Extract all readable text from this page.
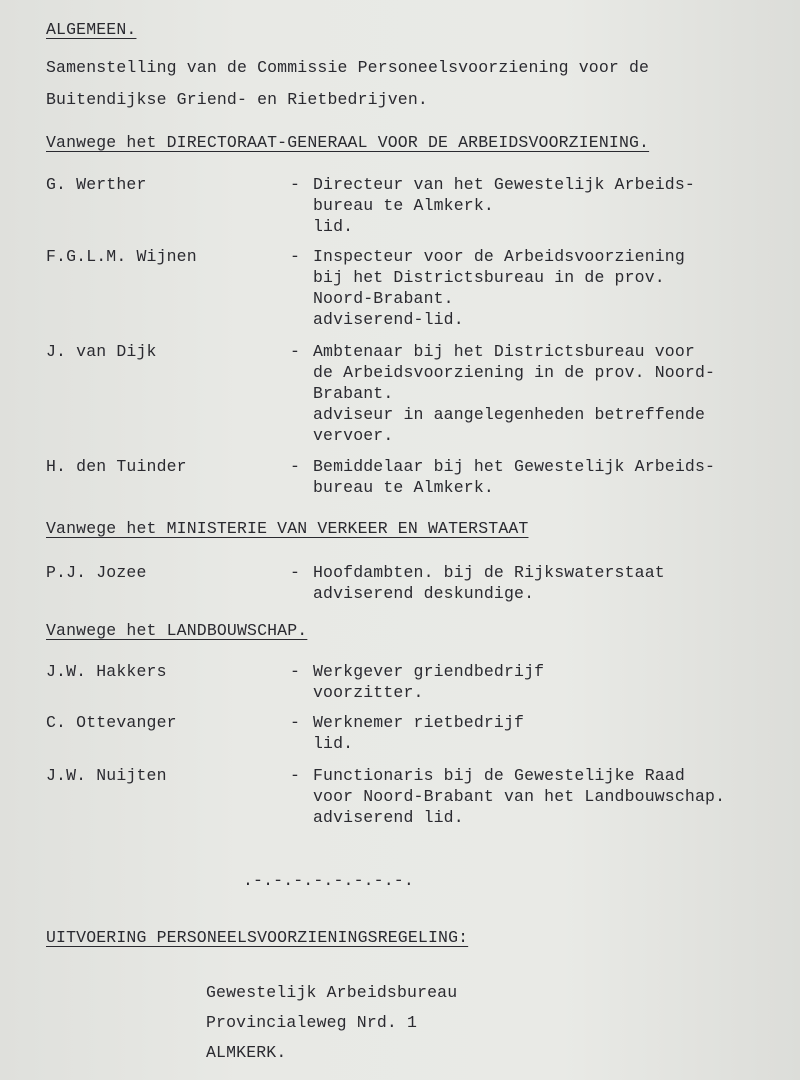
ALGEMEEN.
Samenstelling van de Commissie Personeelsvoorziening voor de
Buitendijkse Griend- en Rietbedrijven.
Vanwege het DIRECTORAAT-GENERAAL VOOR DE ARBEIDSVOORZIENING.
G. Werther	- Directeur van het Gewestelijk Arbeids-
bureau te Almkerk.
lid.
F.G.L.M. Wijnen	- Inspecteur voor de Arbeidsvoorziening
bij het Districtsbureau in de prov.
Noord-Brabant.
adviserend-lid.
J. van Dijk	- Ambtenaar bij het Districtsbureau voor
de Arbeidsvoorziening in de prov. Noord-
Brabant.
adviseur in aangelegenheden betreffende
vervoer.
H. den Tuinder	- Bemiddelaar bij het Gewestelijk Arbeids-
bureau te Almkerk.
Vanwege het MINISTERIE VAN VERKEER EN WATERSTAAT
P.J. Jozee	- Hoofdambten. bij de Rijkswaterstaat
adviserend deskundige.
Vanwege het LANDBOUWSCHAP.
J.W. Hakkers	- Werkgever griendbedrijf
voorzitter.
C. Ottevanger	- Werknemer rietbedrijf
lid.
J.W. Nuijten	- Functionaris bij de Gewestelijke Raad
voor Noord-Brabant van het Landbouwschap.
adviserend lid.
.-.-.-.-.-.-.-.-.
UITVOERING PERSONEELSVOORZIENINGSREGELING:
Gewestelijk Arbeidsbureau
Provincialeweg Nrd. 1
ALMKERK.
